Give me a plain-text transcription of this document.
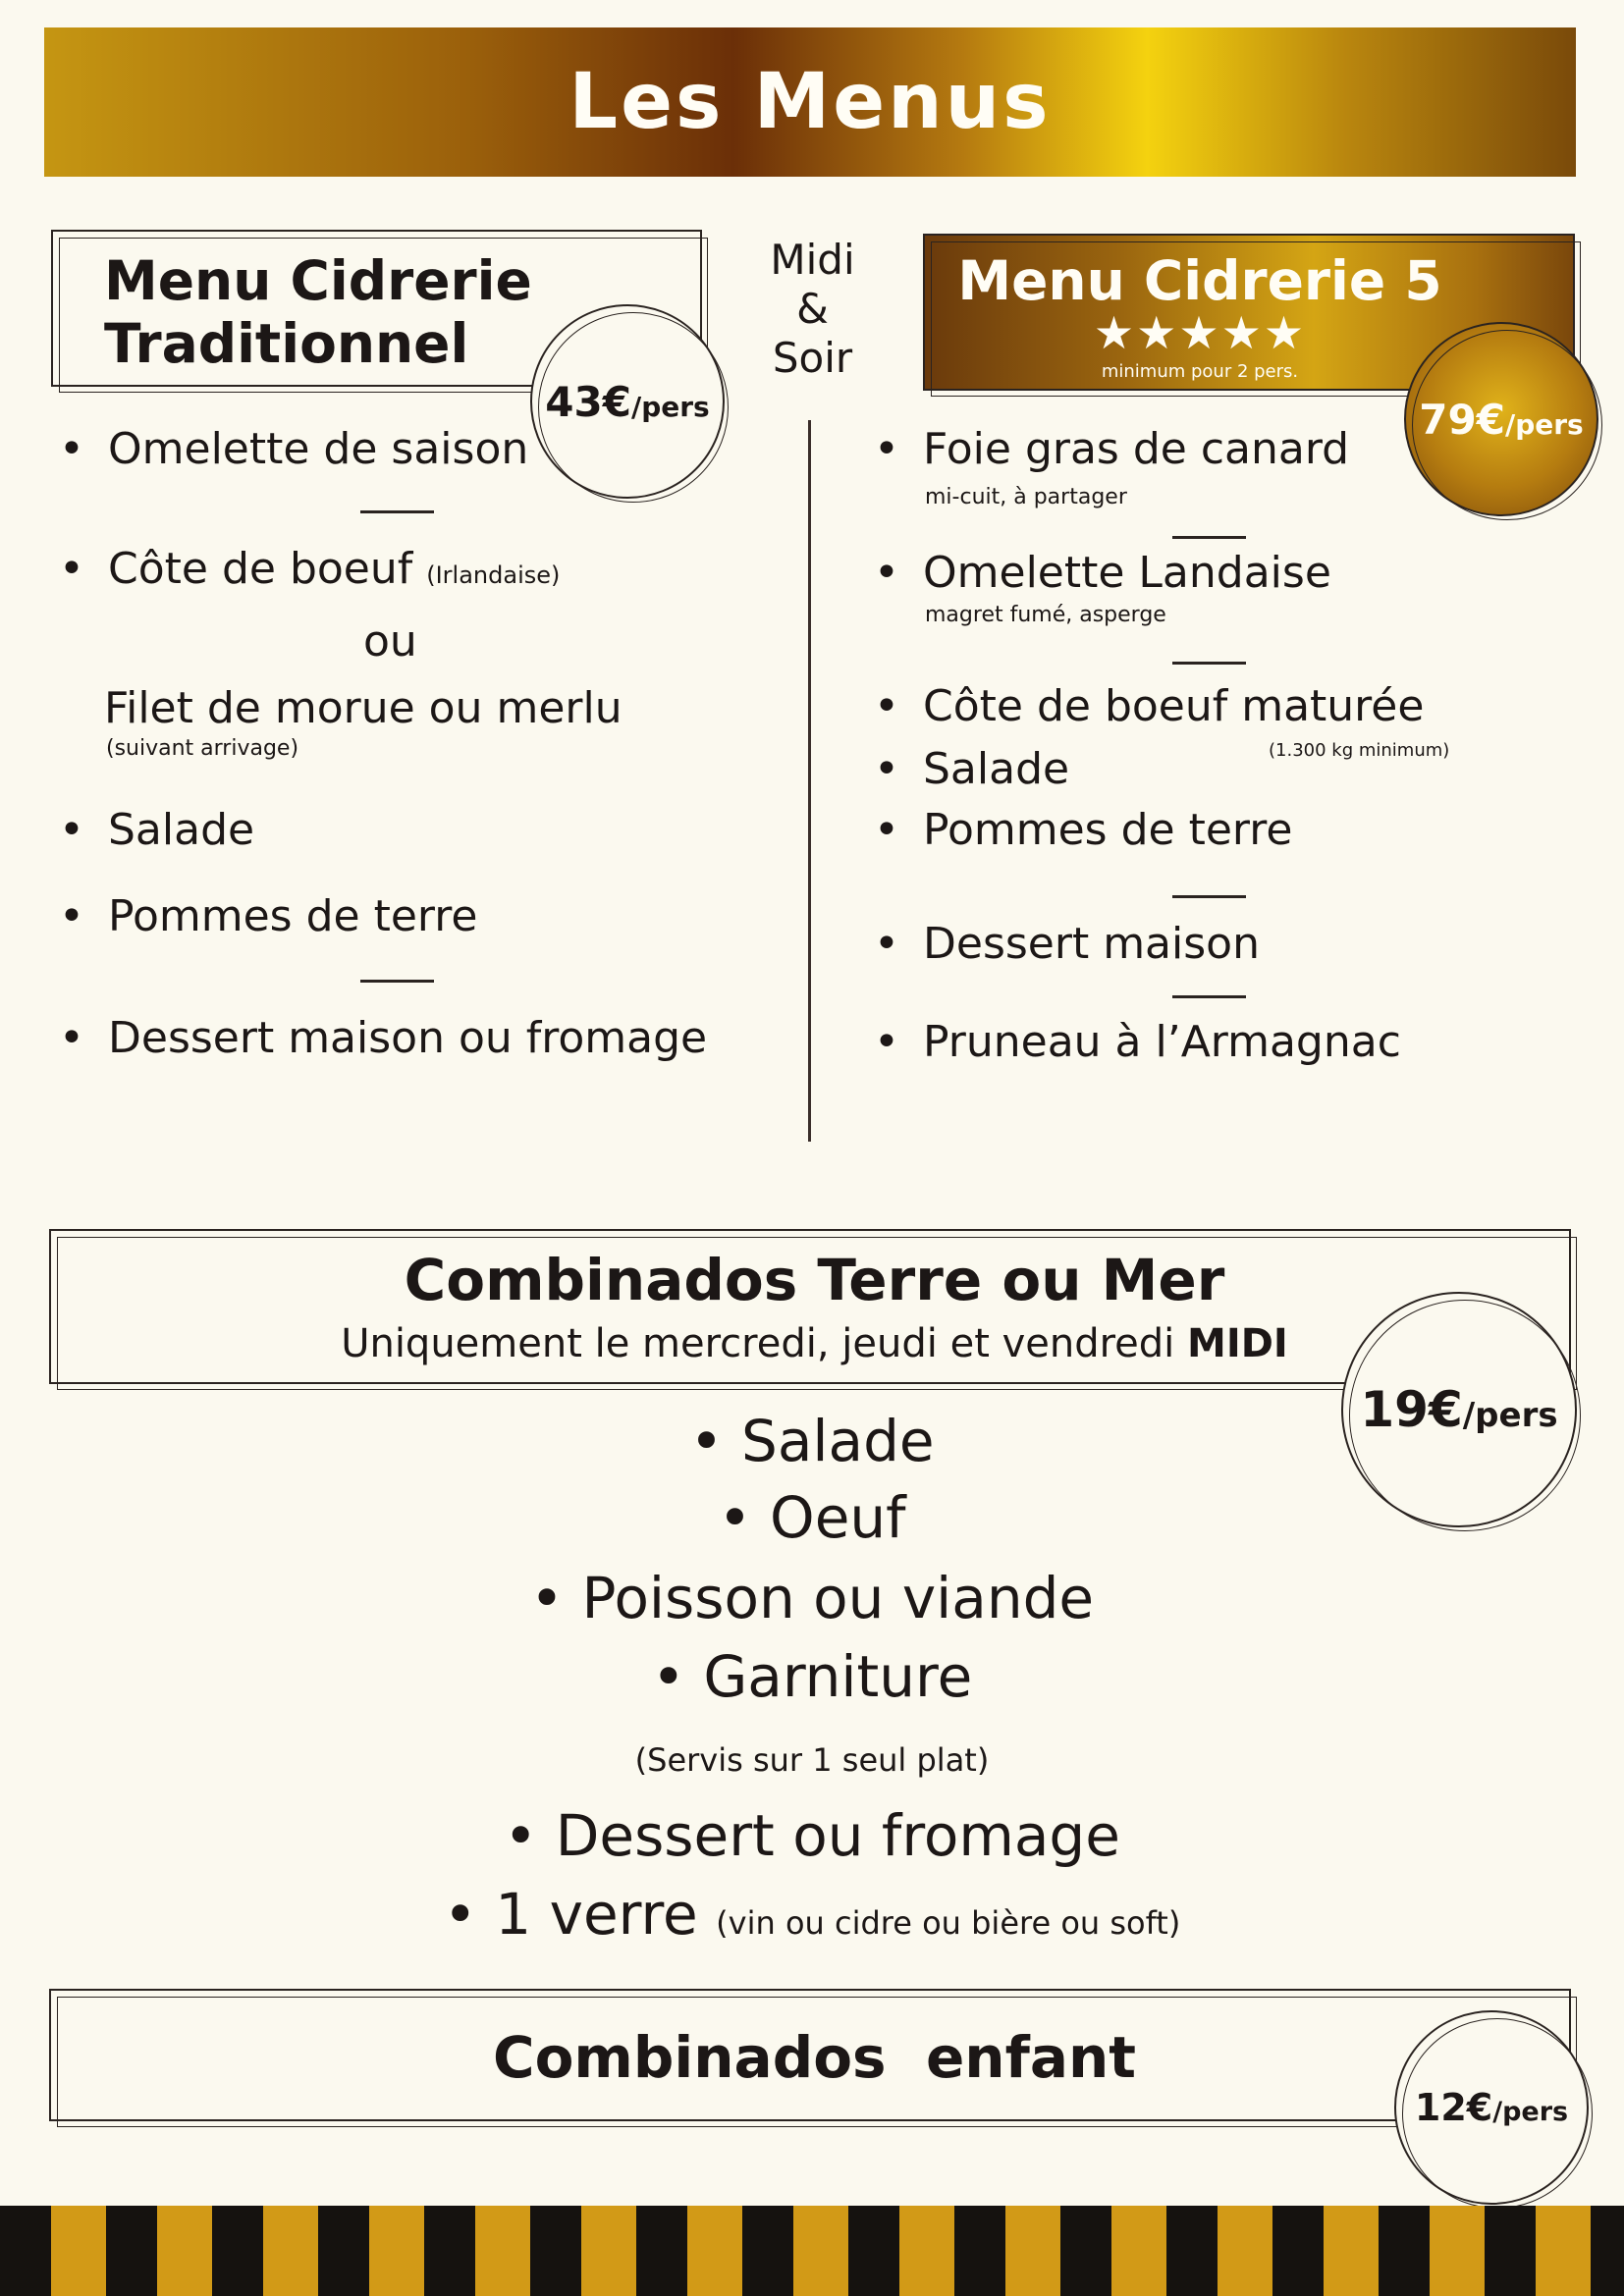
Les Menus
Menu Cidrerie
Traditionnel
43€/pers
Midi
&
Soir
• Omelette de saison
• Côte de boeuf (Irlandaise)
ou
Filet de morue ou merlu
(suivant arrivage)
• Salade
• Pommes de terre
• Dessert maison ou fromage
Menu Cidrerie 5
★★★★★
minimum pour 2 pers.
79€/pers
• Foie gras de canard
mi-cuit, à partager
• Omelette Landaise
magret fumé, asperge
• Côte de boeuf maturée
(1.300 kg minimum)
• Salade
• Pommes de terre
• Dessert maison
• Pruneau à l’Armagnac
Combinados Terre ou Mer
Uniquement le mercredi, jeudi et vendredi MIDI
19€/pers
• Salade
• Oeuf
• Poisson ou viande
• Garniture
(Servis sur 1 seul plat)
• Dessert ou fromage
• 1 verre (vin ou cidre ou bière ou soft)
Combinados  enfant
12€/pers
